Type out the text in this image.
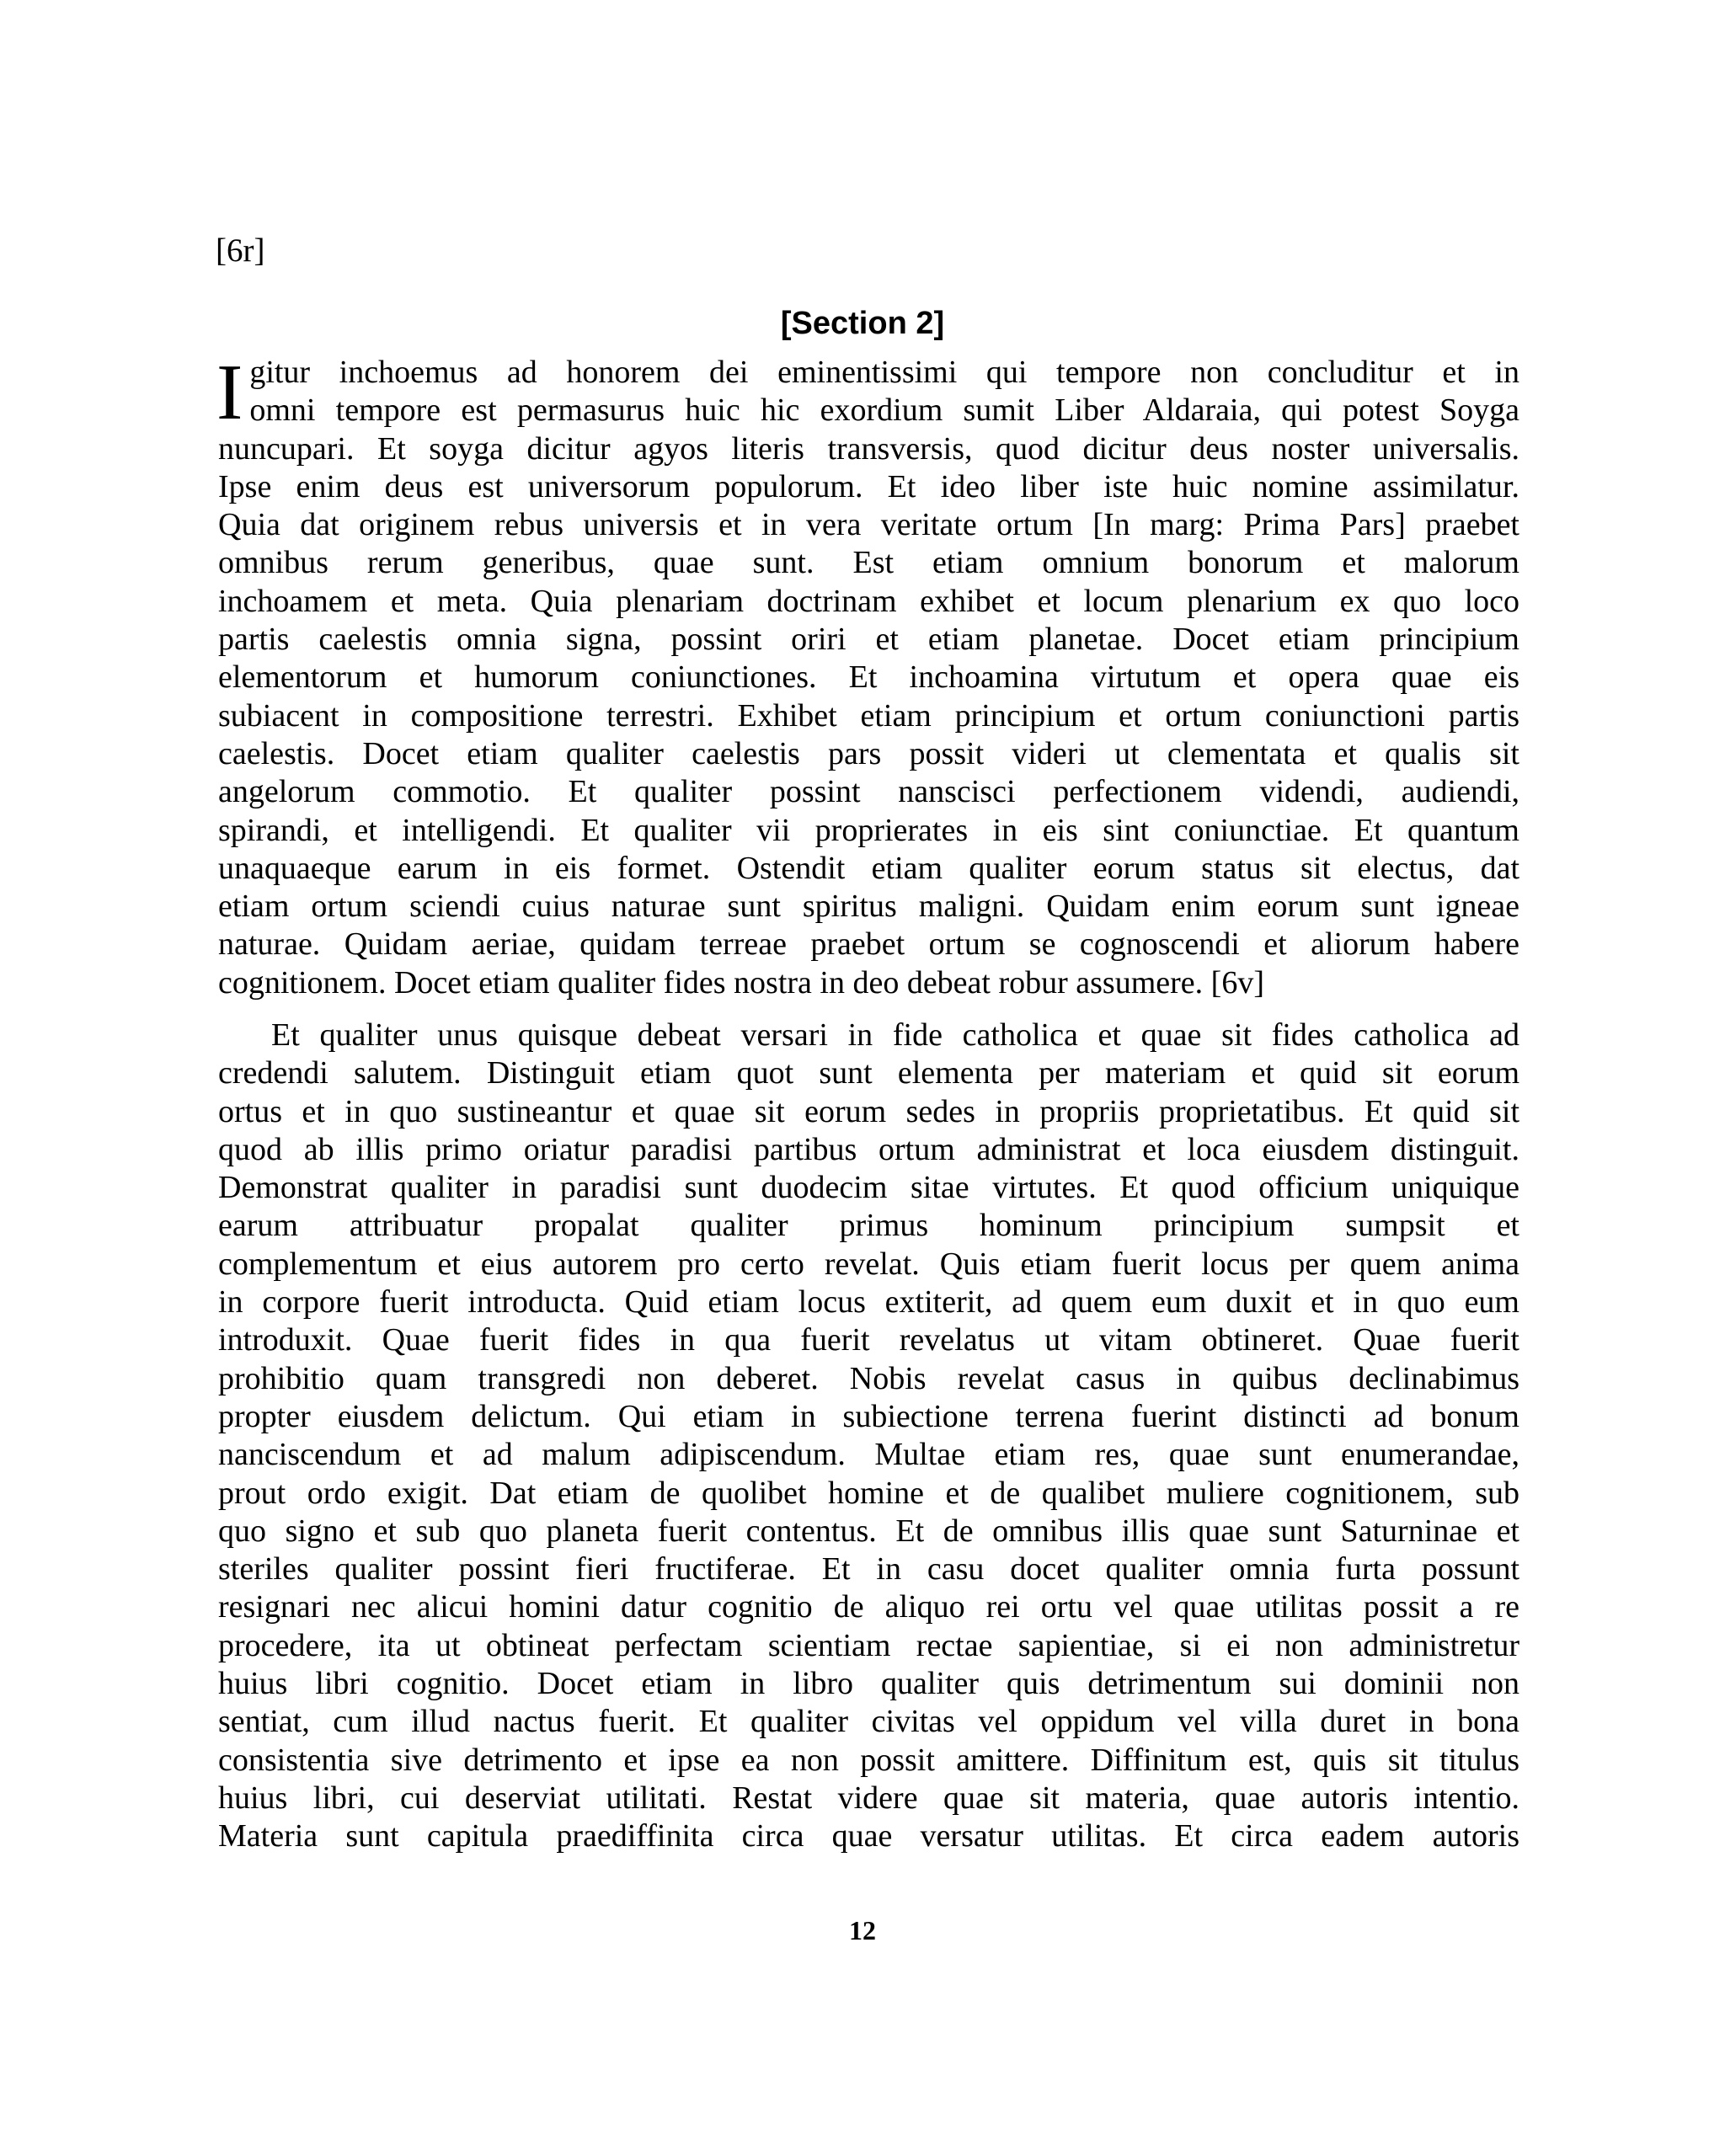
[6r]
[Section 2]
I gitur inchoemus ad honorem dei eminentissimi qui tempore non concluditur et in
omni tempore est permasurus huic hic exordium sumit Liber Aldaraia, qui potest Soyga
nuncupari. Et soyga dicitur agyos literis transversis, quod dicitur deus noster universalis.
Ipse enim deus est universorum populorum. Et ideo liber iste huic nomine assimilatur.
Quia dat originem rebus universis et in vera veritate ortum [In marg: Prima Pars] praebet
omnibus rerum generibus, quae sunt. Est etiam omnium bonorum et malorum
inchoamem et meta. Quia plenariam doctrinam exhibet et locum plenarium ex quo loco
partis caelestis omnia signa, possint oriri et etiam planetae. Docet etiam principium
elementorum et humorum coniunctiones. Et inchoamina virtutum et opera quae eis
subiacent in compositione terrestri. Exhibet etiam principium et ortum coniunctioni partis
caelestis. Docet etiam qualiter caelestis pars possit videri ut clementata et qualis sit
angelorum commotio. Et qualiter possint nanscisci perfectionem videndi, audiendi,
spirandi, et intelligendi. Et qualiter vii proprierates in eis sint coniunctiae. Et quantum
unaquaeque earum in eis formet. Ostendit etiam qualiter eorum status sit electus, dat
etiam ortum sciendi cuius naturae sunt spiritus maligni. Quidam enim eorum sunt igneae
naturae. Quidam aeriae, quidam terreae praebet ortum se cognoscendi et aliorum habere
cognitionem. Docet etiam qualiter fides nostra in deo debeat robur assumere. [6v]
Et qualiter unus quisque debeat versari in fide catholica et quae sit fides catholica ad
credendi salutem. Distinguit etiam quot sunt elementa per materiam et quid sit eorum
ortus et in quo sustineantur et quae sit eorum sedes in propriis proprietatibus. Et quid sit
quod ab illis primo oriatur paradisi partibus ortum administrat et loca eiusdem distinguit.
Demonstrat qualiter in paradisi sunt duodecim sitae virtutes. Et quod officium uniquique
earum attribuatur propalat qualiter primus hominum principium sumpsit et
complementum et eius autorem pro certo revelat. Quis etiam fuerit locus per quem anima
in corpore fuerit introducta. Quid etiam locus extiterit, ad quem eum duxit et in quo eum
introduxit. Quae fuerit fides in qua fuerit revelatus ut vitam obtineret. Quae fuerit
prohibitio quam transgredi non deberet. Nobis revelat casus in quibus declinabimus
propter eiusdem delictum. Qui etiam in subiectione terrena fuerint distincti ad bonum
nanciscendum et ad malum adipiscendum. Multae etiam res, quae sunt enumerandae,
prout ordo exigit. Dat etiam de quolibet homine et de qualibet muliere cognitionem, sub
quo signo et sub quo planeta fuerit contentus. Et de omnibus illis quae sunt Saturninae et
steriles qualiter possint fieri fructiferae. Et in casu docet qualiter omnia furta possunt
resignari nec alicui homini datur cognitio de aliquo rei ortu vel quae utilitas possit a re
procedere, ita ut obtineat perfectam scientiam rectae sapientiae, si ei non administretur
huius libri cognitio. Docet etiam in libro qualiter quis detrimentum sui dominii non
sentiat, cum illud nactus fuerit. Et qualiter civitas vel oppidum vel villa duret in bona
consistentia sive detrimento et ipse ea non possit amittere. Diffinitum est, quis sit titulus
huius libri, cui deserviat utilitati. Restat videre quae sit materia, quae autoris intentio.
Materia sunt capitula praediffinita circa quae versatur utilitas. Et circa eadem autoris
12
